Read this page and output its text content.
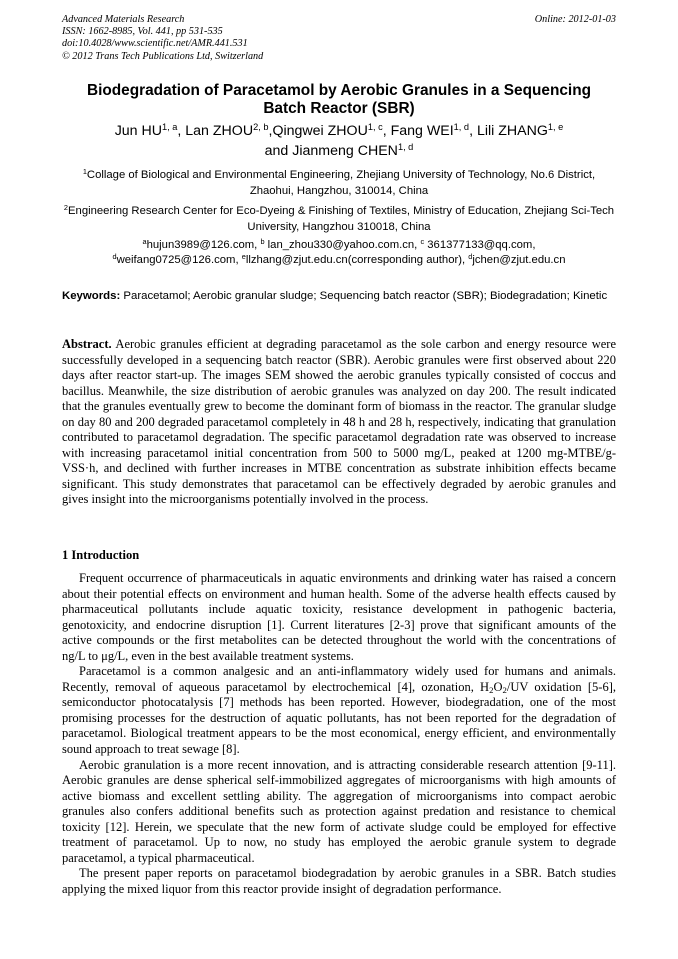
Advanced Materials Research
ISSN: 1662-8985, Vol. 441, pp 531-535
doi:10.4028/www.scientific.net/AMR.441.531
© 2012 Trans Tech Publications Ltd, Switzerland
Online: 2012-01-03
Biodegradation of Paracetamol by Aerobic Granules in a Sequencing
Batch Reactor (SBR)
Jun HU$^{1, a}$, Lan ZHOU$^{2, b}$,Qingwei ZHOU$^{1, c}$, Fang WEI$^{1, d}$, Lili ZHANG$^{1, e}$
and Jianmeng CHEN$^{1, d}$
$^1$Collage of Biological and Environmental Engineering, Zhejiang University of Technology, No.6 District, Zhaohui, Hangzhou, 310014, China
$^2$Engineering Research Center for Eco-Dyeing & Finishing of Textiles, Ministry of Education, Zhejiang Sci-Tech University, Hangzhou 310018, China
$^a$hujun3989@126.com, $^b$ lan_zhou330@yahoo.com.cn, $^c$ 361377133@qq.com,
$^d$weifang0725@126.com, $^e$llzhang@zjut.edu.cn(corresponding author), $^d$jchen@zjut.edu.cn
Keywords: Paracetamol; Aerobic granular sludge; Sequencing batch reactor (SBR); Biodegradation; Kinetic
Abstract. Aerobic granules efficient at degrading paracetamol as the sole carbon and energy resource were successfully developed in a sequencing batch reactor (SBR). Aerobic granules were first observed about 220 days after reactor start-up. The images SEM showed the aerobic granules typically consisted of coccus and bacillus. Meanwhile, the size distribution of aerobic granules was analyzed on day 200. The result indicated that the granules eventually grew to become the dominant form of biomass in the reactor. The granular sludge on day 80 and 200 degraded paracetamol completely in 48 h and 28 h, respectively, indicating that granulation contributed to paracetamol degradation. The specific paracetamol degradation rate was observed to increase with increasing paracetamol initial concentration from 500 to 5000 mg/L, peaked at 1200 mg-MTBE/g-VSS·h, and declined with further increases in MTBE concentration as substrate inhibition effects became significant. This study demonstrates that paracetamol can be effectively degraded by aerobic granules and gives insight into the microorganisms potentially involved in the process.
1 Introduction

Frequent occurrence of pharmaceuticals in aquatic environments and drinking water has raised a concern about their potential effects on environment and human health. Some of the adverse health effects caused by pharmaceutical pollutants include aquatic toxicity, resistance development in pathogenic bacteria, genotoxicity, and endocrine disruption [1]. Current literatures [2-3] prove that significant amounts of the active compounds or the first metabolites can be detected throughout the world with the concentrations of ng/L to μg/L, even in the best available treatment systems.

Paracetamol is a common analgesic and an anti-inflammatory widely used for humans and animals. Recently, removal of aqueous paracetamol by electrochemical [4], ozonation, $H_2O_2/UV$ oxidation [5-6], semiconductor photocatalysis [7] methods has been reported. However, biodegradation, one of the most promising processes for the destruction of aquatic pollutants, has not been reported for the degradation of paracetamol. Biological treatment appears to be the most economical, energy efficient, and environmentally sound approach to treat sewage [8].

Aerobic granulation is a more recent innovation, and is attracting considerable research attention [9-11]. Aerobic granules are dense spherical self-immobilized aggregates of microorganisms with high amounts of active biomass and excellent settling ability. The aggregation of microorganisms into compact aerobic granules also confers additional benefits such as protection against predation and resistance to chemical toxicity [12]. Herein, we speculate that the new form of activate sludge could be employed for effective treatment of paracetamol. Up to now, no study has employed the aerobic granule system to degrade paracetamol, a typical pharmaceutical.

The present paper reports on paracetamol biodegradation by aerobic granules in a SBR. Batch studies applying the mixed liquor from this reactor provide insight of degradation performance.
